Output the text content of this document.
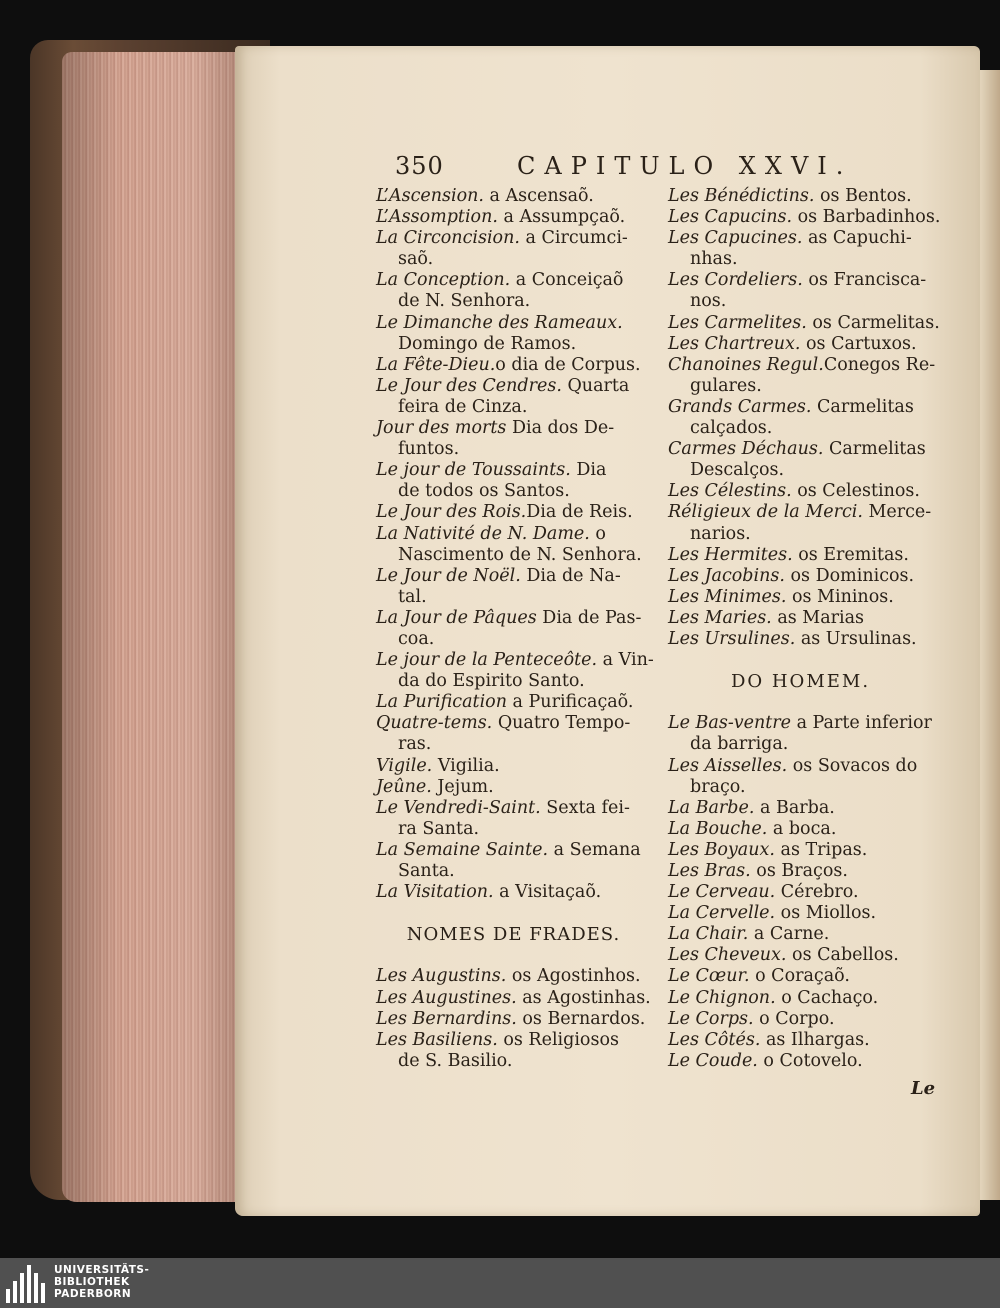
350	CAPITULO XXVI.
L’Ascension. a Ascensaõ.
L’Assomption. a Assumpçaõ.
La Circoncision. a Circumci-
saõ.
La Conception. a Conceiçaõ
de N. Senhora.
Le Dimanche des Rameaux.
Domingo de Ramos.
La Fête-Dieu.o dia de Corpus.
Le Jour des Cendres. Quarta
feira de Cinza.
Jour des morts Dia dos De-
funtos.
Le jour de Toussaints. Dia
de todos os Santos.
Le Jour des Rois.Dia de Reis.
La Nativité de N. Dame. o
Nascimento de N. Senhora.
Le Jour de Noël. Dia de Na-
tal.
La Jour de Pâques Dia de Pas-
coa.
Le jour de la Penteceôte. a Vin-
da do Espirito Santo.
La Purification a Purificaçaõ.
Quatre-tems. Quatro Tempo-
ras.
Vigile. Vigilia.
Jeûne. Jejum.
Le Vendredi-Saint. Sexta fei-
ra Santa.
La Semaine Sainte. a Semana
Santa.
La Visitation. a Visitaçaõ.
NOMES DE FRADES.
Les Augustins. os Agostinhos.
Les Augustines. as Agostinhas.
Les Bernardins. os Bernardos.
Les Basiliens. os Religiosos
de S. Basilio.
Les Bénédictins. os Bentos.
Les Capucins. os Barbadinhos.
Les Capucines. as Capuchi-
nhas.
Les Cordeliers. os Franciscа-
nos.
Les Carmelites. os Carmelitas.
Les Chartreux. os Cartuxos.
Chanoines Regul.Conegos Re-
gulares.
Grands Carmes. Carmelitas
calçados.
Carmes Déchaus. Carmelitas
Descalços.
Les Célestins. os Celestinos.
Réligieux de la Merci. Merce-
narios.
Les Hermites. os Eremitas.
Les Jacobins. os Dominicos.
Les Minimes. os Mininos.
Les Maries. as Marias
Les Ursulines. as Ursulinas.
DO HOMEM.
Le Bas-ventre a Parte inferior
da barriga.
Les Aisselles. os Sovacos do
braço.
La Barbe. a Barba.
La Bouche. a boca.
Les Boyaux. as Tripas.
Les Bras. os Braços.
Le Cerveau. Cérebro.
La Cervelle. os Miollos.
La Chair. a Carne.
Les Cheveux. os Cabellos.
Le Cœur. o Coraçaõ.
Le Chignon. o Cachaço.
Le Corps. o Corpo.
Les Côtés. as Ilhargas.
Le Coude. o Cotovelo.
Le
UNIVERSITÄTS-
BIBLIOTHEK
PADERBORN
